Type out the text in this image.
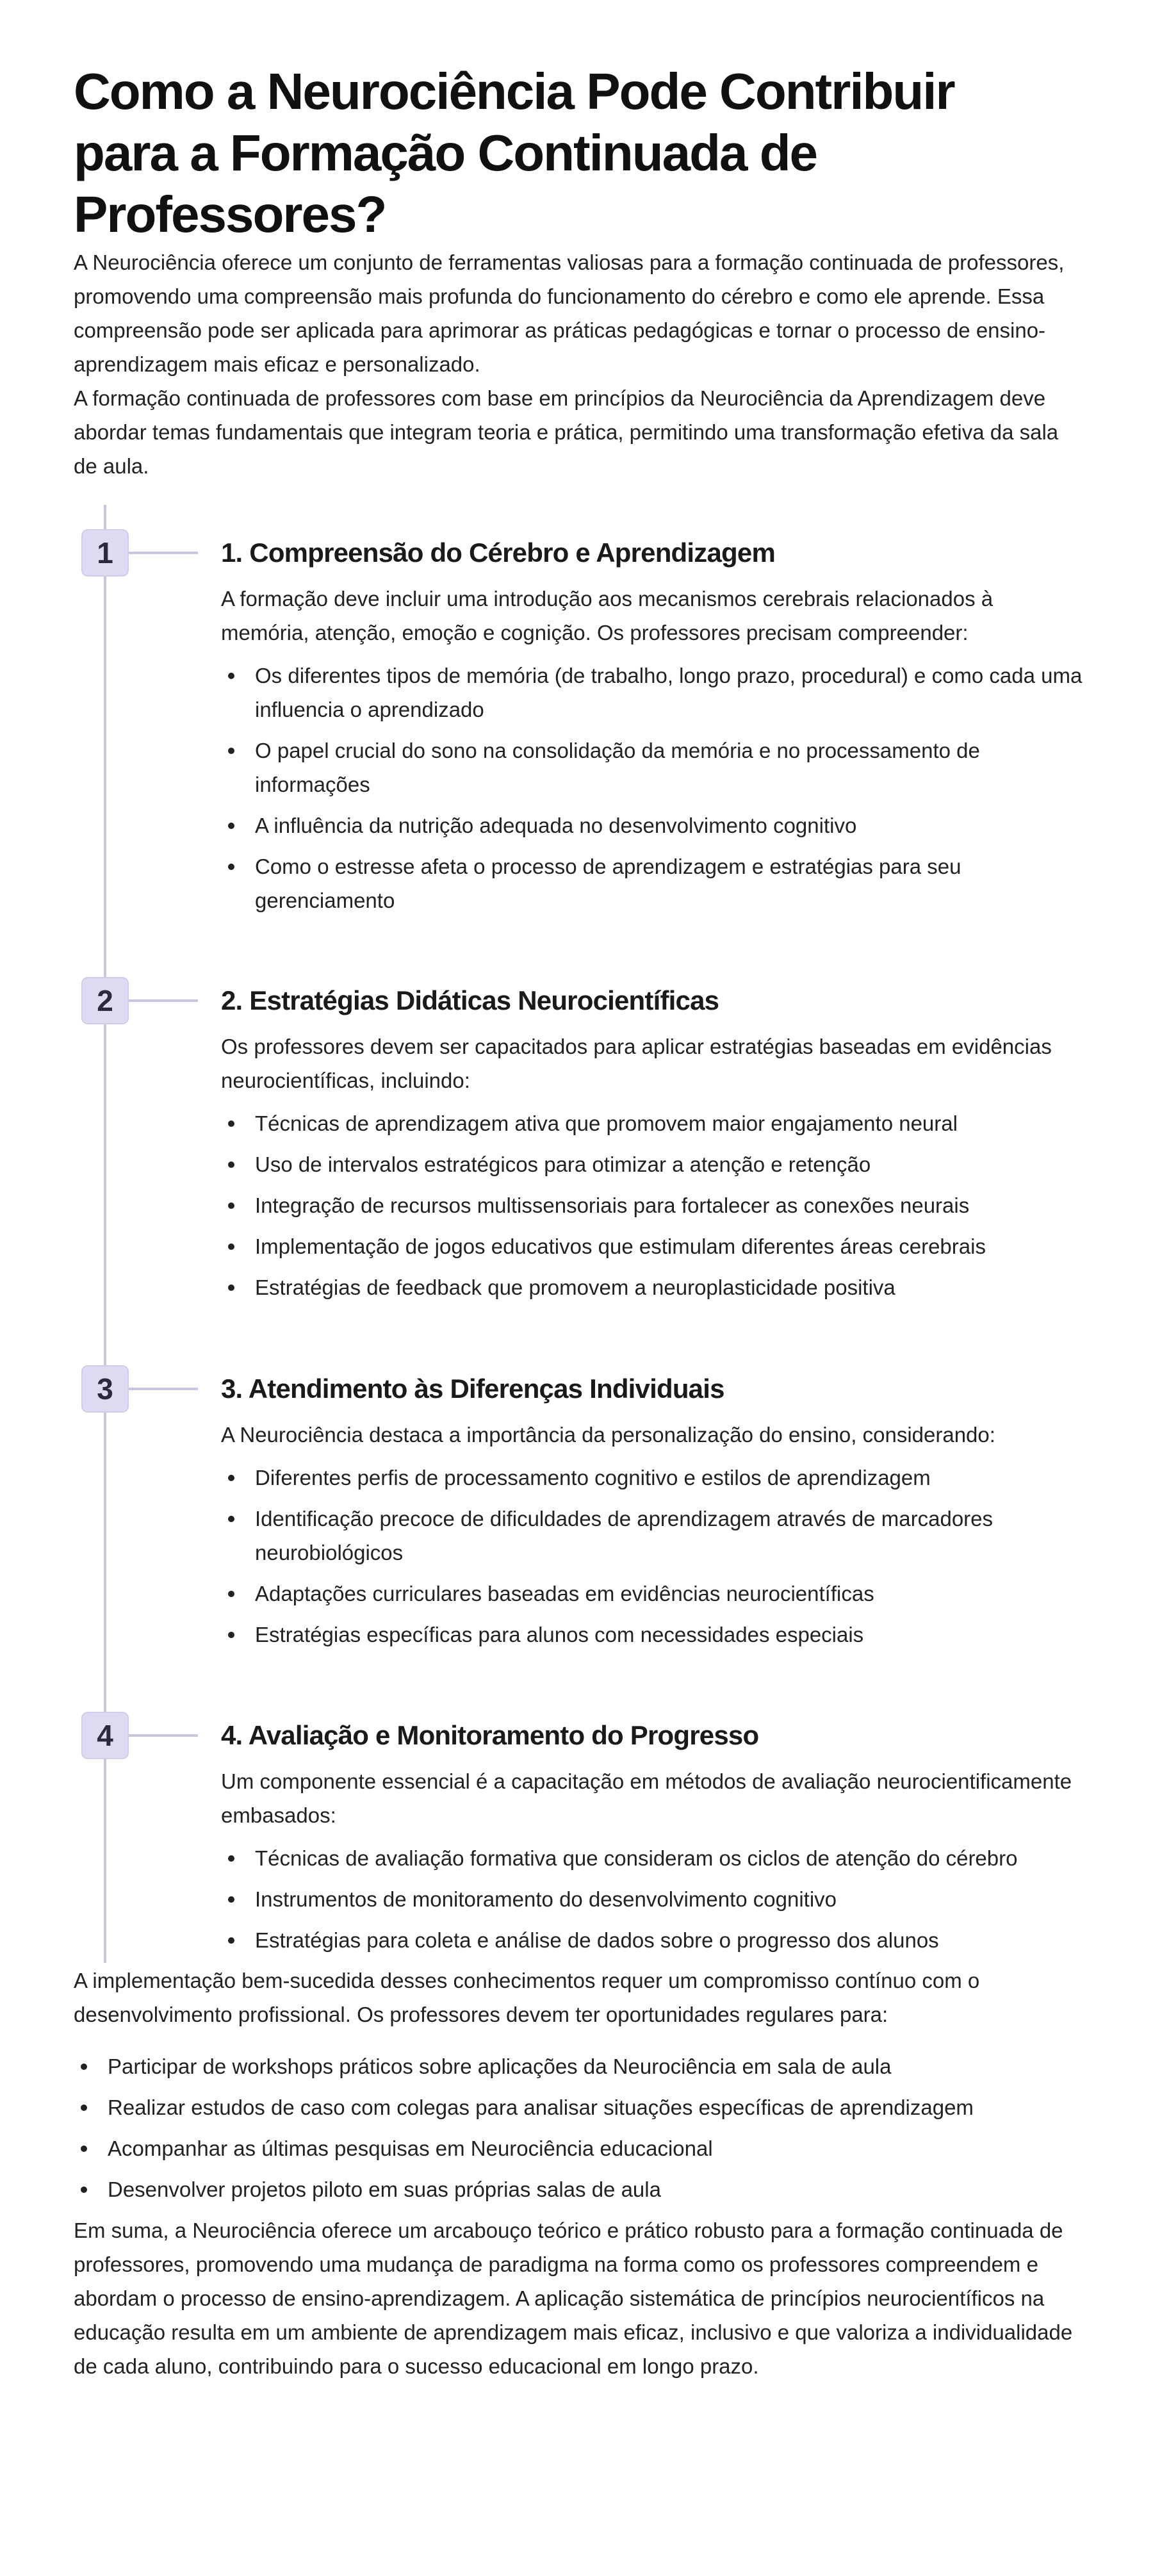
Como a Neurociência Pode Contribuir para a Formação Continuada de Professores?

A Neurociência oferece um conjunto de ferramentas valiosas para a formação continuada de professores, promovendo uma compreensão mais profunda do funcionamento do cérebro e como ele aprende. Essa compreensão pode ser aplicada para aprimorar as práticas pedagógicas e tornar o processo de ensino-aprendizagem mais eficaz e personalizado.

A formação continuada de professores com base em princípios da Neurociência da Aprendizagem deve abordar temas fundamentais que integram teoria e prática, permitindo uma transformação efetiva da sala de aula.

1	1. Compreensão do Cérebro e Aprendizagem

A formação deve incluir uma introdução aos mecanismos cerebrais relacionados à memória, atenção, emoção e cognição. Os professores precisam compreender:

Os diferentes tipos de memória (de trabalho, longo prazo, procedural) e como cada uma influencia o aprendizado
O papel crucial do sono na consolidação da memória e no processamento de informações
A influência da nutrição adequada no desenvolvimento cognitivo
Como o estresse afeta o processo de aprendizagem e estratégias para seu gerenciamento
2	2. Estratégias Didáticas Neurocientíficas

Os professores devem ser capacitados para aplicar estratégias baseadas em evidências neurocientíficas, incluindo:

Técnicas de aprendizagem ativa que promovem maior engajamento neural
Uso de intervalos estratégicos para otimizar a atenção e retenção
Integração de recursos multissensoriais para fortalecer as conexões neurais
Implementação de jogos educativos que estimulam diferentes áreas cerebrais
Estratégias de feedback que promovem a neuroplasticidade positiva
3	3. Atendimento às Diferenças Individuais

A Neurociência destaca a importância da personalização do ensino, considerando:

Diferentes perfis de processamento cognitivo e estilos de aprendizagem
Identificação precoce de dificuldades de aprendizagem através de marcadores neurobiológicos
Adaptações curriculares baseadas em evidências neurocientíficas
Estratégias específicas para alunos com necessidades especiais
4	4. Avaliação e Monitoramento do Progresso

Um componente essencial é a capacitação em métodos de avaliação neurocientificamente embasados:

Técnicas de avaliação formativa que consideram os ciclos de atenção do cérebro
Instrumentos de monitoramento do desenvolvimento cognitivo
Estratégias para coleta e análise de dados sobre o progresso dos alunos

A implementação bem-sucedida desses conhecimentos requer um compromisso contínuo com o desenvolvimento profissional. Os professores devem ter oportunidades regulares para:

Participar de workshops práticos sobre aplicações da Neurociência em sala de aula
Realizar estudos de caso com colegas para analisar situações específicas de aprendizagem
Acompanhar as últimas pesquisas em Neurociência educacional
Desenvolver projetos piloto em suas próprias salas de aula

Em suma, a Neurociência oferece um arcabouço teórico e prático robusto para a formação continuada de professores, promovendo uma mudança de paradigma na forma como os professores compreendem e abordam o processo de ensino-aprendizagem. A aplicação sistemática de princípios neurocientíficos na educação resulta em um ambiente de aprendizagem mais eficaz, inclusivo e que valoriza a individualidade de cada aluno, contribuindo para o sucesso educacional em longo prazo.
